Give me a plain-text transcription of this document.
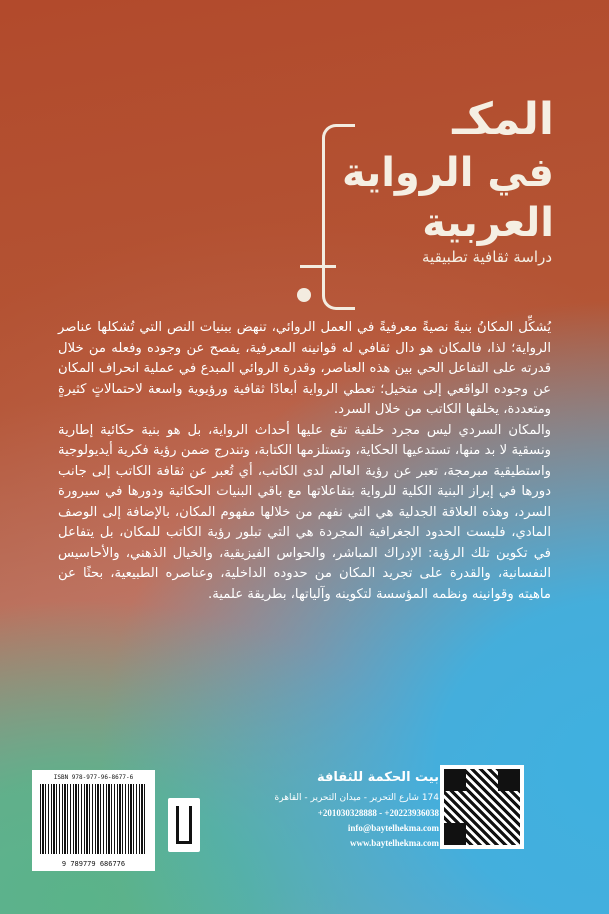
المكـ
في الرواية
العربية
دراسة ثقافية تطبيقية

يُشكِّل المكانُ بنيةً نصيةً معرفيةً في العمل الروائي، تنهض ببنيات النص التي تُشكلها عناصر الرواية؛ لذا، فالمكان هو دال ثقافي له قوانينه المعرفية، يفصح عن وجوده وفعله من خلال قدرته على التفاعل الحي بين هذه العناصر، وقدرة الروائي المبدع في عملية انحراف المكان عن وجوده الواقعي إلى متخيل؛ تعطي الرواية أبعادًا ثقافية ورؤيوية واسعة لاحتمالاتٍ كثيرةٍ ومتعددة، يخلقها الكاتب من خلال السرد.

والمكان السردي ليس مجرد خلفية تقع عليها أحداث الرواية، بل هو بنية حكائية إطارية ونسقية لا بد منها، تستدعيها الحكاية، وتستلزمها الكتابة، وتندرج ضمن رؤية فكرية أيديولوجية واستطيقية مبرمجة، تعبر عن رؤية العالم لدى الكاتب، أي تُعبر عن ثقافة الكاتب إلى جانب دورها في إبراز البنية الكلية للرواية بتفاعلاتها مع باقي البنيات الحكائية ودورها في سيرورة السرد، وهذه العلاقة الجدلية هي التي نفهم من خلالها مفهوم المكان، بالإضافة إلى الوصف المادي، فليست الحدود الجغرافية المجردة هي التي تبلور رؤية الكاتب للمكان، بل يتفاعل في تكوين تلك الرؤية: الإدراك المباشر، والحواس الفيزيقية، والخيال الذهني، والأحاسيس النفسانية، والقدرة على تجريد المكان من حدوده الداخلية، وعناصره الطبيعية، بحثًا عن ماهيته وقوانينه ونظمه المؤسسة لتكوينه وآلياتها، بطريقة علمية.

ISBN 978-977-96-8677-6
9 789779 686776
بيت الحكمة للثقافة
174 شارع التحرير - ميدان التحرير - القاهرة
+201030328888 - +20223936038
info@baytelhekma.com
www.baytelhekma.com
